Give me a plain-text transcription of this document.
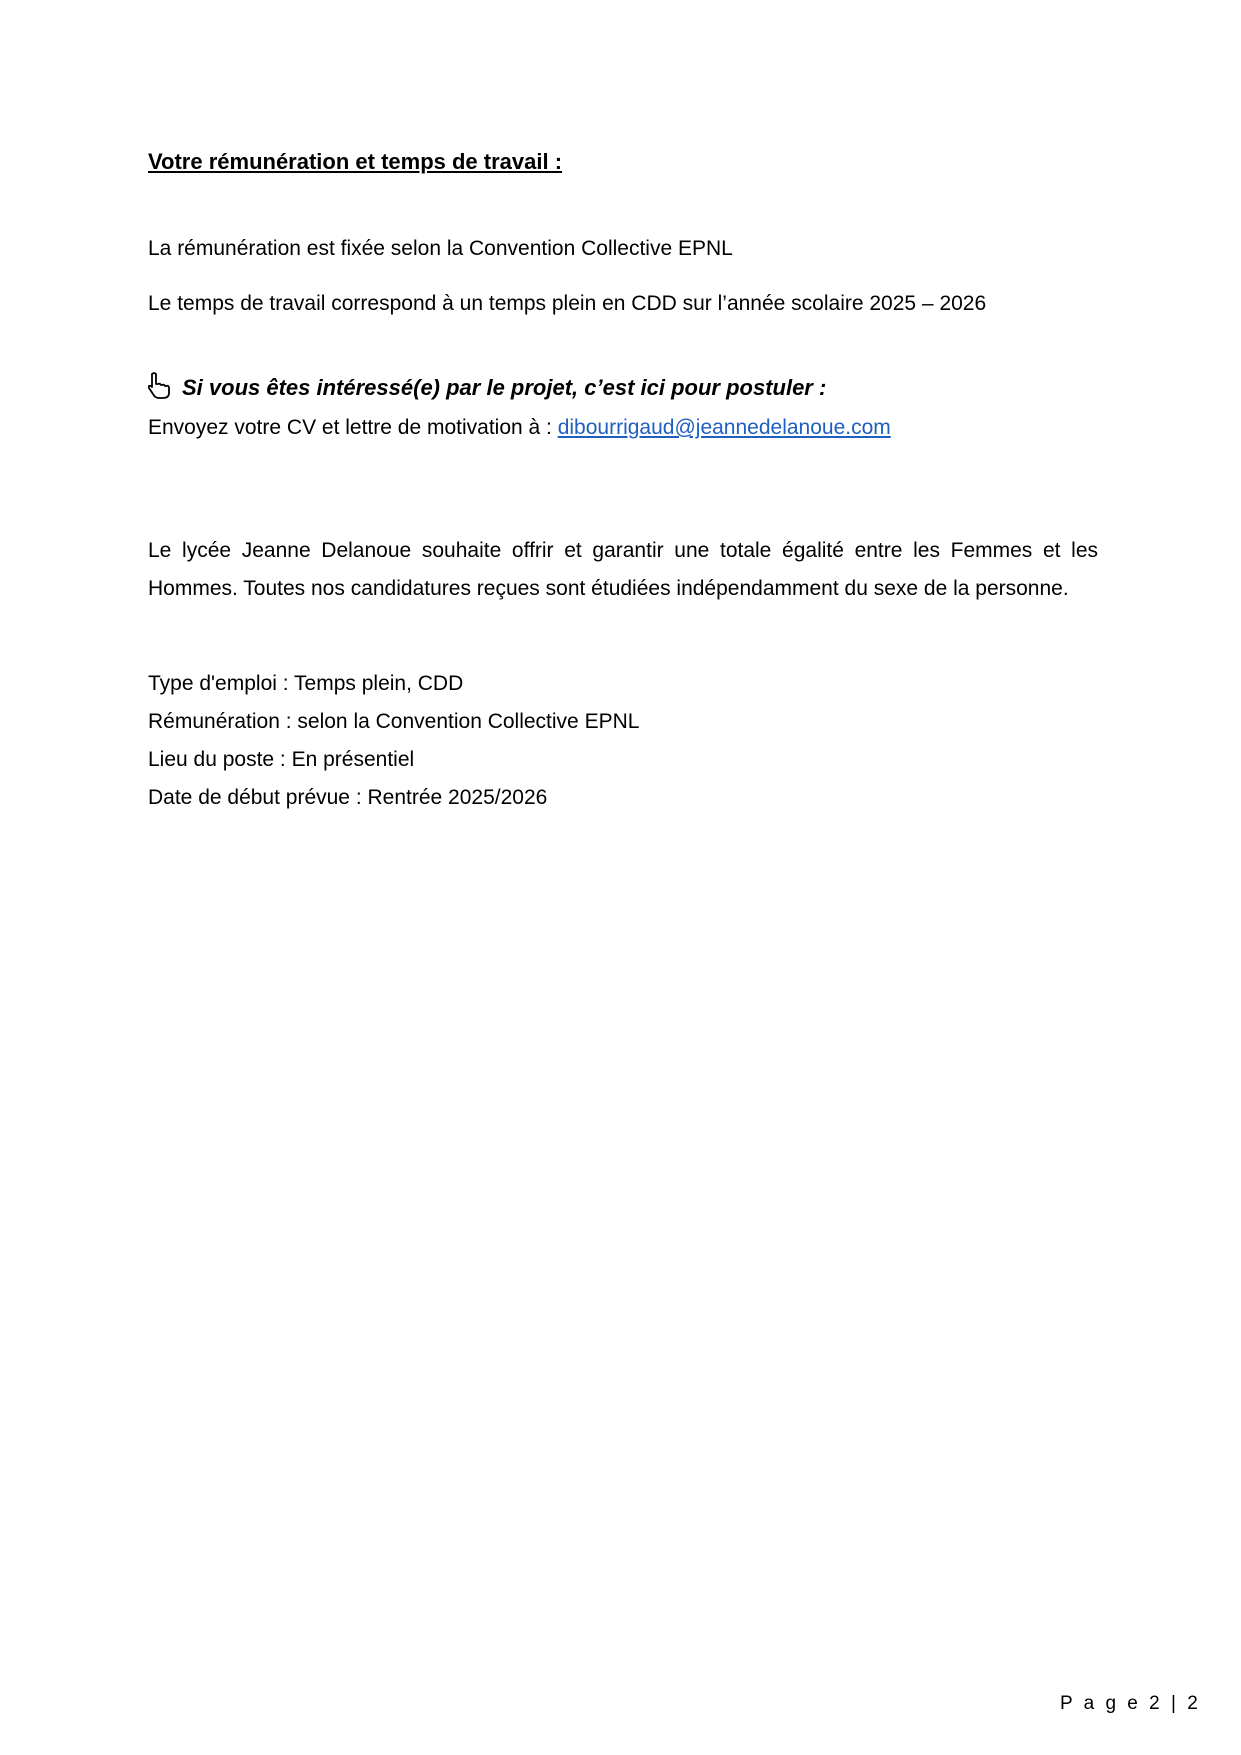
Votre rémunération et temps de travail :

La rémunération est fixée selon la Convention Collective EPNL

Le temps de travail correspond à un temps plein en CDD sur l’année scolaire 2025 – 2026

Si vous êtes intéressé(e) par le projet, c’est ici pour postuler :

Envoyez votre CV et lettre de motivation à : dibourrigaud@jeannedelanoue.com

Le lycée Jeanne Delanoue souhaite offrir et garantir une totale égalité entre les Femmes et les Hommes. Toutes nos candidatures reçues sont étudiées indépendamment du sexe de la personne.

Type d'emploi : Temps plein, CDD

Rémunération : selon la Convention Collective EPNL

Lieu du poste : En présentiel

Date de début prévue : Rentrée 2025/2026

P a g e 2 | 2
